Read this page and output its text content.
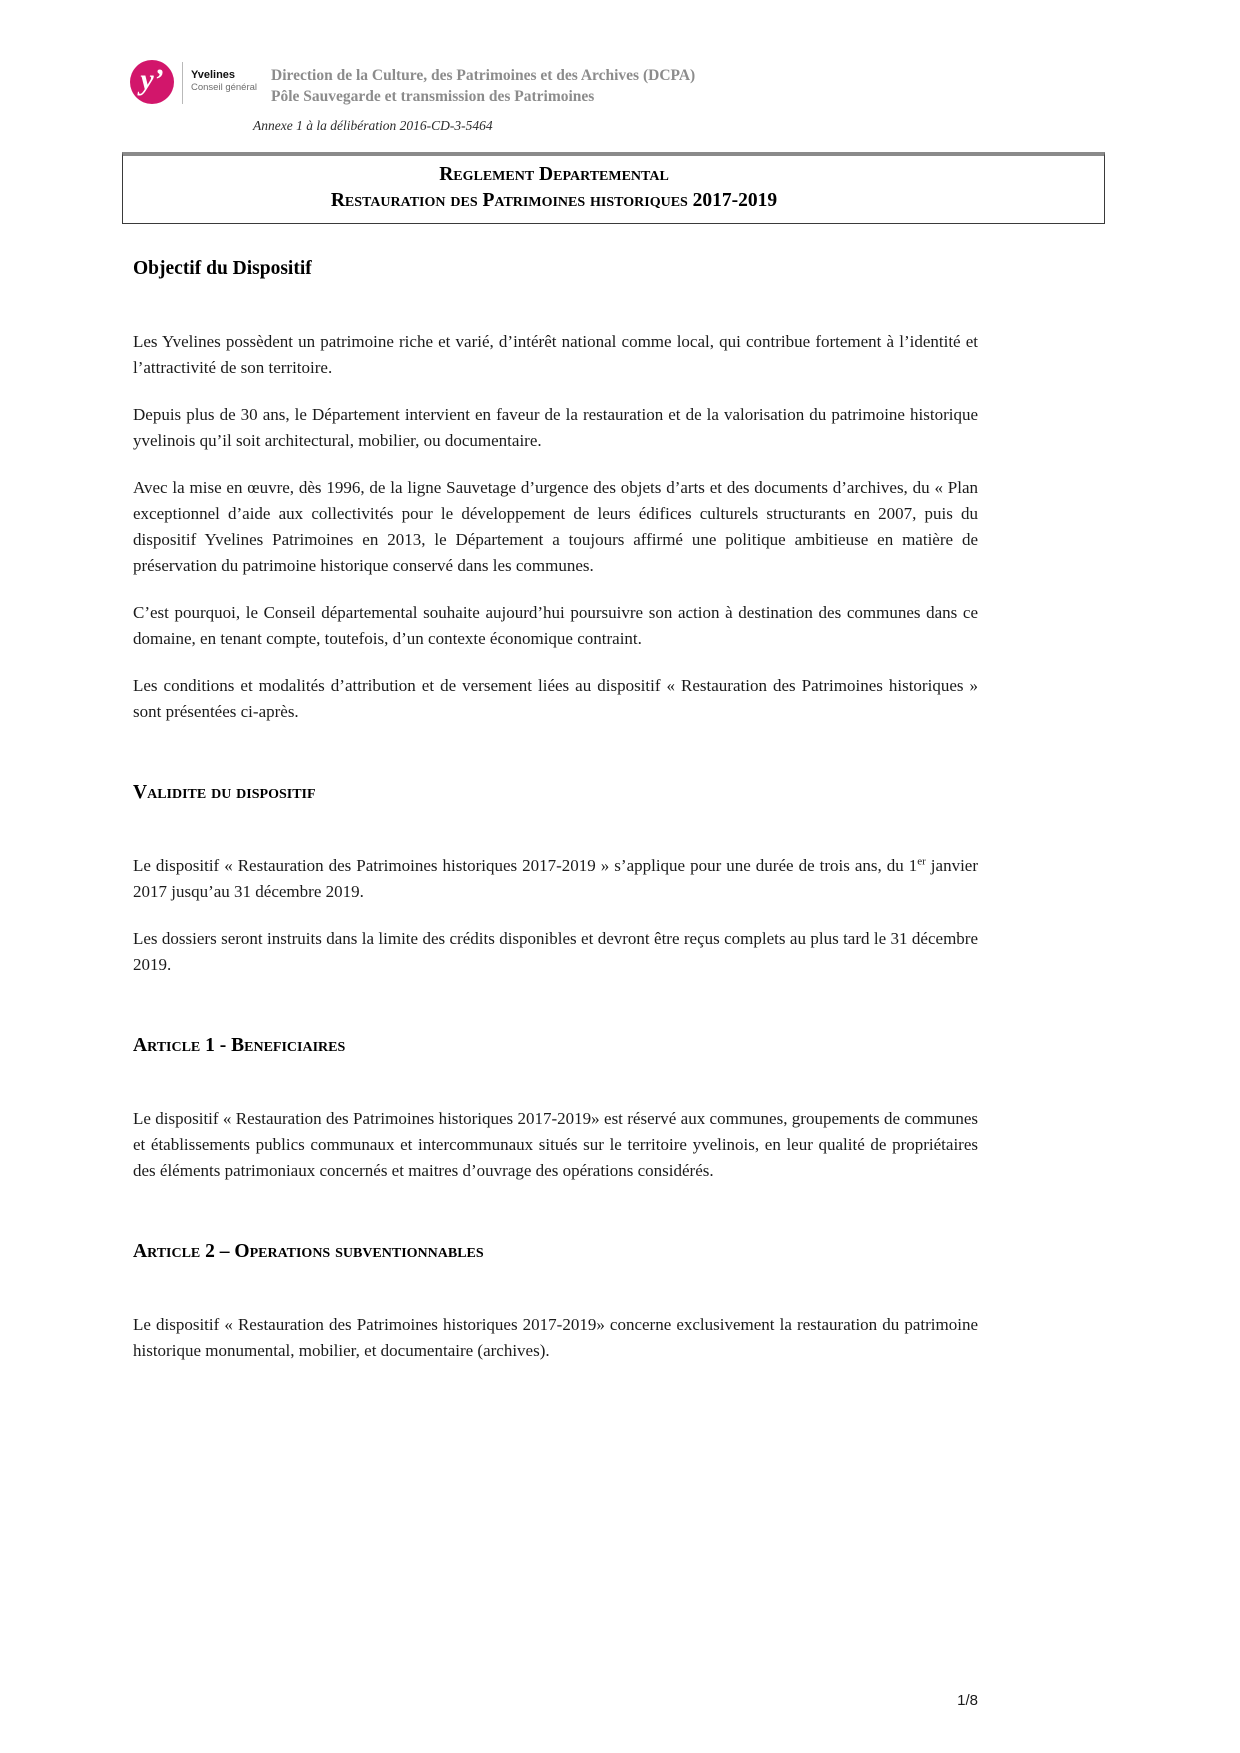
y’	Yvelines
Conseil général
Direction de la Culture, des Patrimoines et des Archives (DCPA)
Pôle Sauvegarde et transmission des Patrimoines
Annexe 1 à la délibération 2016-CD-3-5464
Reglement Departemental
Restauration des Patrimoines historiques 2017-2019
Objectif du Dispositif

Les Yvelines possèdent un patrimoine riche et varié, d’intérêt national comme local, qui contribue fortement à l’identité et l’attractivité de son territoire.

Depuis plus de 30 ans, le Département intervient en faveur de la restauration et de la valorisation du patrimoine historique yvelinois qu’il soit architectural, mobilier, ou documentaire.

Avec la mise en œuvre, dès 1996, de la ligne Sauvetage d’urgence des objets d’arts et des documents d’archives, du « Plan exceptionnel d’aide aux collectivités pour le développement de leurs édifices culturels structurants en 2007, puis du dispositif Yvelines Patrimoines en 2013, le Département a toujours affirmé une politique ambitieuse en matière de préservation du patrimoine historique conservé dans les communes.

C’est pourquoi, le Conseil départemental souhaite aujourd’hui poursuivre son action à destination des communes dans ce domaine, en tenant compte, toutefois, d’un contexte économique contraint.

Les conditions et modalités d’attribution et de versement liées au dispositif « Restauration des Patrimoines historiques » sont présentées ci-après.

Validite du dispositif

Le dispositif « Restauration des Patrimoines historiques 2017-2019 » s’applique pour une durée de trois ans, du 1er janvier 2017 jusqu’au 31 décembre 2019.

Les dossiers seront instruits dans la limite des crédits disponibles et devront être reçus complets au plus tard le 31 décembre 2019.

Article 1 - Beneficiaires

Le dispositif « Restauration des Patrimoines historiques 2017-2019» est réservé aux communes, groupements de communes et établissements publics communaux et intercommunaux situés sur le territoire yvelinois, en leur qualité de propriétaires des éléments patrimoniaux concernés et maitres d’ouvrage des opérations considérés.

Article 2 – Operations subventionnables

Le dispositif « Restauration des Patrimoines historiques 2017-2019» concerne exclusivement la restauration du patrimoine historique monumental, mobilier, et documentaire (archives).

1/8
